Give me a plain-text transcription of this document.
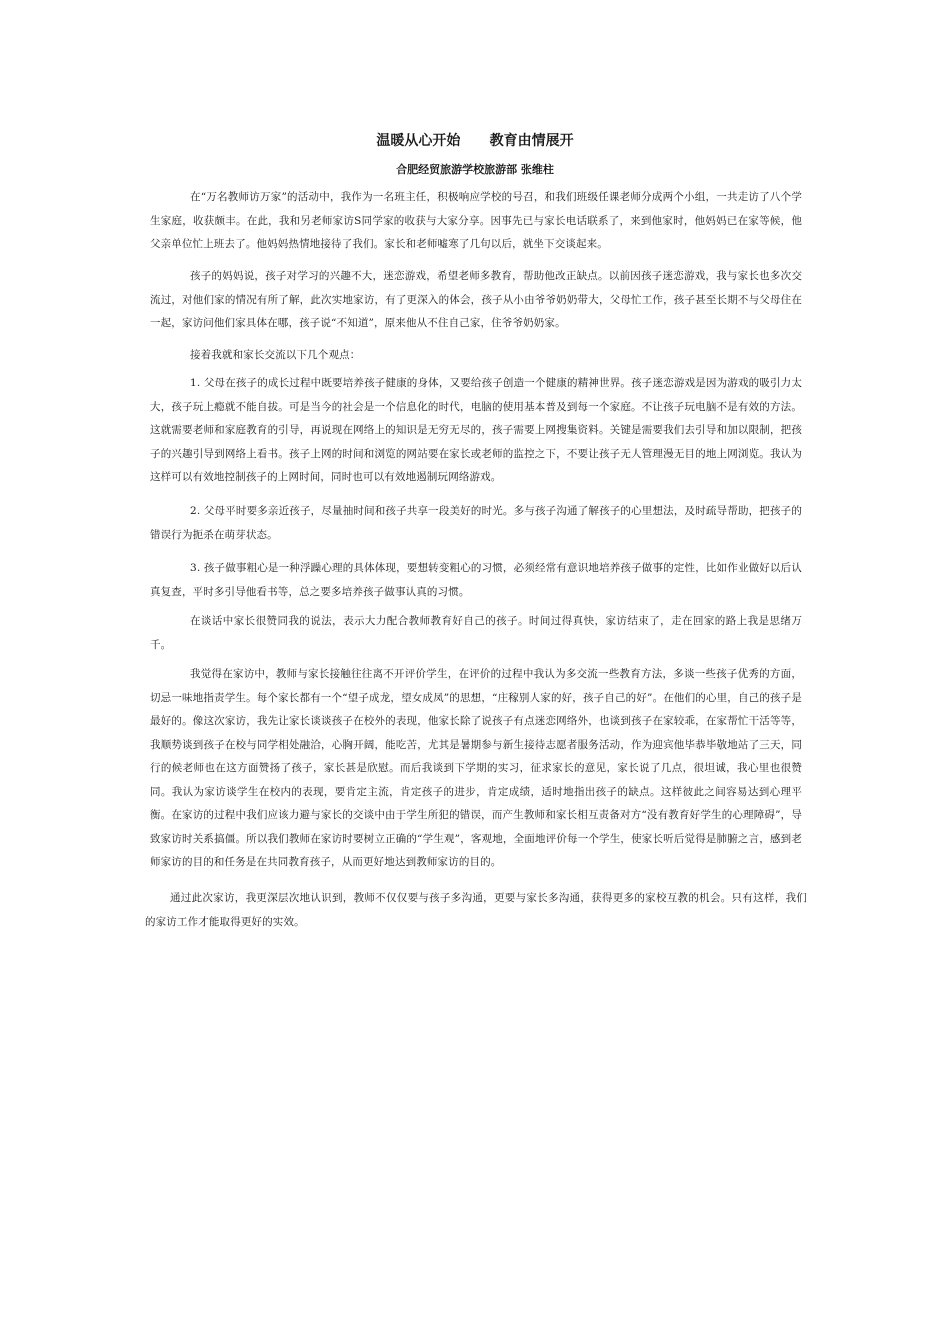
温暖从心开始      教育由情展开
合肥经贸旅游学校旅游部 张维柱

在“万名教师访万家”的活动中，我作为一名班主任，积极响应学校的号召，和我们班级任课老师分成两个小组，一共走访了八个学生家庭，收获颇丰。在此，我和另老师家访S同学家的收获与大家分享。因事先已与家长电话联系了，来到他家时，他妈妈已在家等候，他父亲单位忙上班去了。他妈妈热情地接待了我们。家长和老师嘘寒了几句以后，就坐下交谈起来。

孩子的妈妈说，孩子对学习的兴趣不大，迷恋游戏，希望老师多教育，帮助他改正缺点。以前因孩子迷恋游戏，我与家长也多次交流过，对他们家的情况有所了解，此次实地家访，有了更深入的体会，孩子从小由爷爷奶奶带大，父母忙工作，孩子甚至长期不与父母住在一起，家访问他们家具体在哪，孩子说“不知道”，原来他从不住自己家，住爷爷奶奶家。

接着我就和家长交流以下几个观点：

1. 父母在孩子的成长过程中既要培养孩子健康的身体，又要给孩子创造一个健康的精神世界。孩子迷恋游戏是因为游戏的吸引力太大，孩子玩上瘾就不能自拔。可是当今的社会是一个信息化的时代，电脑的使用基本普及到每一个家庭。不让孩子玩电脑不是有效的方法。这就需要老师和家庭教育的引导，再说现在网络上的知识是无穷无尽的，孩子需要上网搜集资料。关键是需要我们去引导和加以限制，把孩子的兴趣引导到网络上看书。孩子上网的时间和浏览的网站要在家长或老师的监控之下，不要让孩子无人管理漫无目的地上网浏览。我认为这样可以有效地控制孩子的上网时间，同时也可以有效地遏制玩网络游戏。

2. 父母平时要多亲近孩子，尽量抽时间和孩子共享一段美好的时光。多与孩子沟通了解孩子的心里想法，及时疏导帮助，把孩子的错误行为扼杀在萌芽状态。

3. 孩子做事粗心是一种浮躁心理的具体体现，要想转变粗心的习惯，必须经常有意识地培养孩子做事的定性，比如作业做好以后认真复查，平时多引导他看书等，总之要多培养孩子做事认真的习惯。

在谈话中家长很赞同我的说法，表示大力配合教师教育好自己的孩子。时间过得真快，家访结束了，走在回家的路上我是思绪万千。

我觉得在家访中，教师与家长接触往往离不开评价学生，在评价的过程中我认为多交流一些教育方法，多谈一些孩子优秀的方面，切忌一味地指责学生。每个家长都有一个“望子成龙，望女成凤”的思想，“庄稼别人家的好，孩子自己的好”。在他们的心里，自己的孩子是最好的。像这次家访，我先让家长谈谈孩子在校外的表现，他家长除了说孩子有点迷恋网络外，也谈到孩子在家较乖，在家帮忙干活等等，我顺势谈到孩子在校与同学相处融洽，心胸开阔，能吃苦，尤其是暑期参与新生接待志愿者服务活动，作为迎宾他毕恭毕敬地站了三天，同行的候老师也在这方面赞扬了孩子，家长甚是欣慰。而后我谈到下学期的实习，征求家长的意见，家长说了几点，很坦诚，我心里也很赞同。我认为家访谈学生在校内的表现，要肯定主流，肯定孩子的进步，肯定成绩，适时地指出孩子的缺点。这样彼此之间容易达到心理平衡。在家访的过程中我们应该力避与家长的交谈中由于学生所犯的错误，而产生教师和家长相互责备对方“没有教育好学生的心理障碍”，导致家访时关系搞僵。所以我们教师在家访时要树立正确的“学生观”，客观地，全面地评价每一个学生，使家长听后觉得是肺腑之言，感到老师家访的目的和任务是在共同教育孩子，从而更好地达到教师家访的目的。

通过此次家访，我更深层次地认识到，教师不仅仅要与孩子多沟通，更要与家长多沟通，获得更多的家校互教的机会。只有这样，我们的家访工作才能取得更好的实效。
